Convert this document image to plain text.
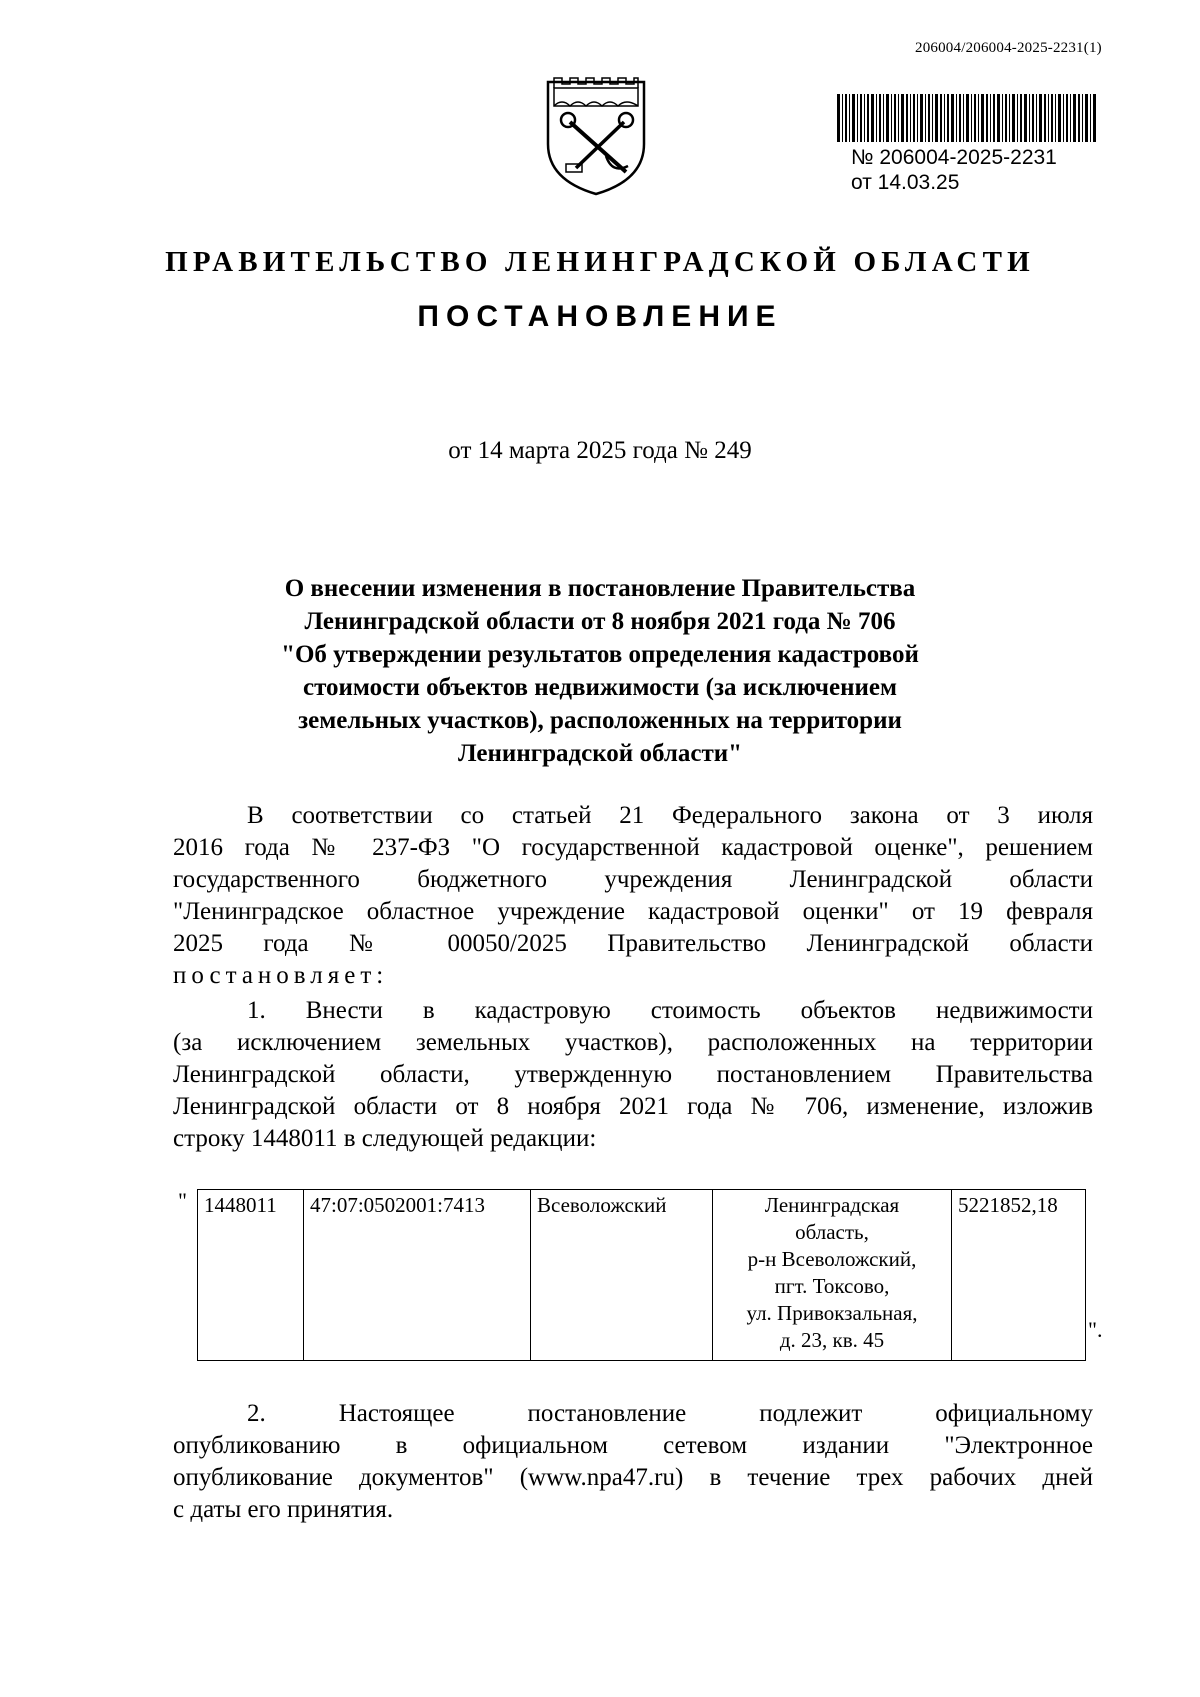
206004/206004-2025-2231(1)
№ 206004-2025-2231
от 14.03.25
ПРАВИТЕЛЬСТВО ЛЕНИНГРАДСКОЙ ОБЛАСТИ
ПОСТАНОВЛЕНИЕ
от 14 марта 2025 года № 249
О внесении изменения в постановление Правительства
Ленинградской области от 8 ноября 2021 года № 706
"Об утверждении результатов определения кадастровой
стоимости объектов недвижимости (за исключением
земельных участков), расположенных на территории
Ленинградской области"
В соответствии со статьей 21 Федерального закона от 3 июля
2016 года № 237-ФЗ "О государственной кадастровой оценке", решением
государственного бюджетного учреждения Ленинградской области
"Ленинградское областное учреждение кадастровой оценки" от 19 февраля
2025 года № 00050/2025 Правительство Ленинградской области
постановляет:
1. Внести в кадастровую стоимость объектов недвижимости
(за исключением земельных участков), расположенных на территории
Ленинградской области, утвержденную постановлением Правительства
Ленинградской области от 8 ноября 2021 года № 706, изменение, изложив
строку 1448011 в следующей редакции:
" 1448011	47:07:0502001:7413	Всеволожский	Ленинградская
область,
р-н Всеволожский,
пгт. Токсово,
ул. Привокзальная,
д. 23, кв. 45
	5221852,18
".
2. Настоящее постановление подлежит официальному
опубликованию в официальном сетевом издании "Электронное
опубликование документов" (www.npa47.ru) в течение трех рабочих дней
с даты его принятия.
